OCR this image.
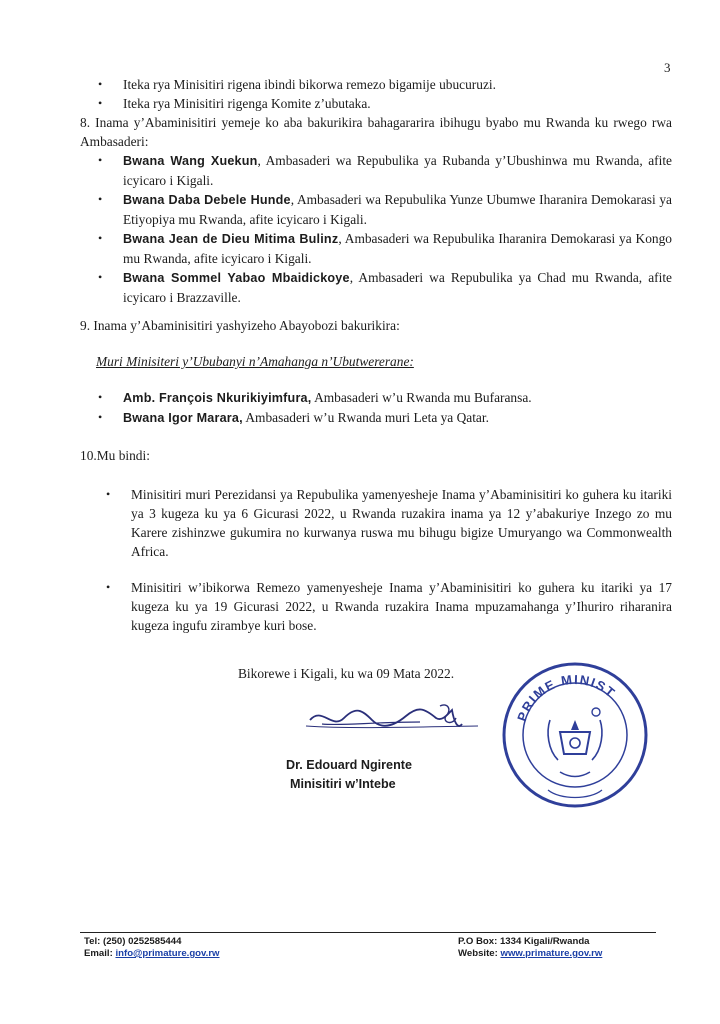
3
• Iteka rya Minisitiri rigena ibindi bikorwa remezo bigamije ubucuruzi.
• Iteka rya Minisitiri rigenga Komite z’ubutaka.
8. Inama y’Abaminisitiri yemeje ko aba bakurikira bahagararira ibihugu byabo mu Rwanda ku rwego rwa Ambasaderi:
• Bwana Wang Xuekun, Ambasaderi wa Repubulika ya Rubanda y’Ubushinwa mu Rwanda, afite icyicaro i Kigali.
• Bwana Daba Debele Hunde, Ambasaderi wa Repubulika Yunze Ubumwe Iharanira Demokarasi ya Etiyopiya mu Rwanda, afite icyicaro i Kigali.
• Bwana Jean de Dieu Mitima Bulinz, Ambasaderi wa Repubulika Iharanira Demokarasi ya Kongo mu Rwanda, afite icyicaro i Kigali.
• Bwana Sommel Yabao Mbaidickoye, Ambasaderi wa Repubulika ya Chad mu Rwanda, afite icyicaro i Brazzaville.
9. Inama y’Abaminisitiri yashyizeho Abayobozi bakurikira:
Muri Minisiteri y’Ububanyi n’Amahanga n’Ubutwererane:
• Amb. François Nkurikiyimfura, Ambasaderi w’u Rwanda mu Bufaransa.
• Bwana Igor Marara, Ambasaderi w’u Rwanda muri Leta ya Qatar.
10.Mu bindi:
• Minisitiri muri Perezidansi ya Repubulika yamenyesheje Inama y’Abaminisitiri ko guhera ku itariki ya 3 kugeza ku ya 6 Gicurasi 2022, u Rwanda ruzakira inama ya 12 y’abakuriye Inzego zo mu Karere zishinzwe gukumira no kurwanya ruswa mu bihugu bigize Umuryango wa Commonwealth Africa.
• Minisitiri w’ibikorwa Remezo yamenyesheje Inama y’Abaminisitiri ko guhera ku itariki ya 17 kugeza ku ya 19 Gicurasi 2022, u Rwanda ruzakira Inama mpuzamahanga y’Ihuriro riharanira kugeza ingufu zirambye kuri bose.
Bikorewe i Kigali, ku wa 09 Mata 2022.
PRIME MINIST
Dr. Edouard Ngirente
Minisitiri w’Intebe
Tel: (250) 0252585444
Email: info@primature.gov.rw
P.O Box: 1334 Kigali/Rwanda
Website: www.primature.gov.rw
